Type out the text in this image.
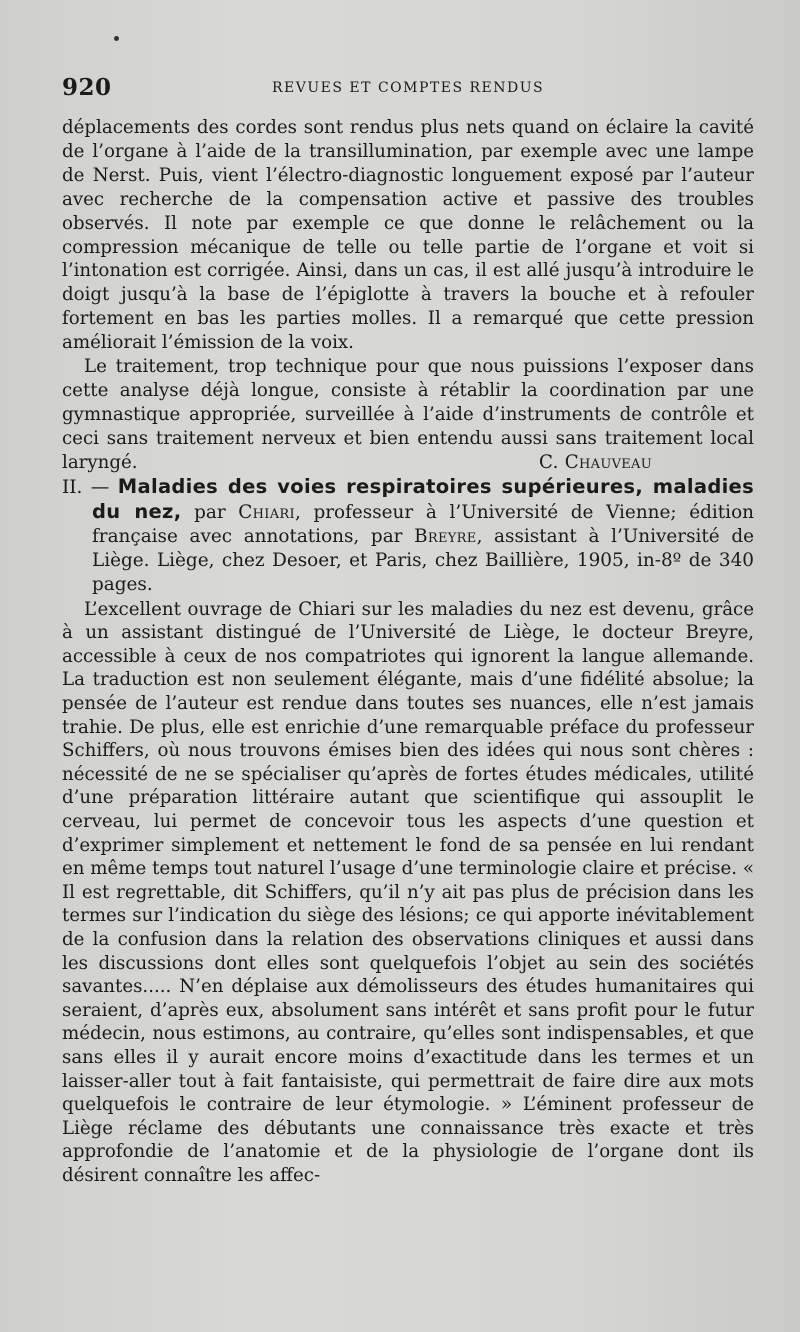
920	REVUES ET COMPTES RENDUS

déplacements des cordes sont rendus plus nets quand on éclaire la cavité de l’organe à l’aide de la transillumination, par exemple avec une lampe de Nerst. Puis, vient l’électro-diagnostic longuement exposé par l’auteur avec recherche de la compensation active et passive des troubles observés. Il note par exemple ce que donne le relâchement ou la compression mécanique de telle ou telle partie de l’organe et voit si l’intonation est corrigée. Ainsi, dans un cas, il est allé jusqu’à introduire le doigt jusqu’à la base de l’épiglotte à travers la bouche et à refouler fortement en bas les parties molles. Il a remarqué que cette pression améliorait l’émission de la voix.

Le traitement, trop technique pour que nous puissions l’exposer dans cette analyse déjà longue, consiste à rétablir la coordination par une gymnastique appropriée, surveillée à l’aide d’instruments de contrôle et ceci sans traitement nerveux et bien entendu aussi sans traitement local laryngé.	C. Chauveau

II. — Maladies des voies respiratoires supérieures, maladies du nez, par Chiari, professeur à l’Université de Vienne; édition française avec annotations, par Breyre, assistant à l’Université de Liège. Liège, chez Desoer, et Paris, chez Baillière, 1905, in-8º de 340 pages.

L’excellent ouvrage de Chiari sur les maladies du nez est devenu, grâce à un assistant distingué de l’Université de Liège, le docteur Breyre, accessible à ceux de nos compatriotes qui ignorent la langue allemande. La traduction est non seulement élégante, mais d’une fidélité absolue; la pensée de l’auteur est rendue dans toutes ses nuances, elle n’est jamais trahie. De plus, elle est enrichie d’une remarquable préface du professeur Schiffers, où nous trouvons émises bien des idées qui nous sont chères : nécessité de ne se spécialiser qu’après de fortes études médicales, utilité d’une préparation littéraire autant que scientifique qui assouplit le cerveau, lui permet de concevoir tous les aspects d’une question et d’exprimer simplement et nettement le fond de sa pensée en lui rendant en même temps tout naturel l’usage d’une terminologie claire et précise. « Il est regrettable, dit Schiffers, qu’il n’y ait pas plus de précision dans les termes sur l’indication du siège des lésions; ce qui apporte inévitablement de la confusion dans la relation des observations cliniques et aussi dans les discussions dont elles sont quelquefois l’objet au sein des sociétés savantes..... N’en déplaise aux démolisseurs des études humanitaires qui seraient, d’après eux, absolument sans intérêt et sans profit pour le futur médecin, nous estimons, au contraire, qu’elles sont indispensables, et que sans elles il y aurait encore moins d’exactitude dans les termes et un laisser-aller tout à fait fantaisiste, qui permettrait de faire dire aux mots quelquefois le contraire de leur étymologie. » L’éminent professeur de Liège réclame des débutants une connaissance très exacte et très approfondie de l’anatomie et de la physiologie de l’organe dont ils désirent connaître les affec-
